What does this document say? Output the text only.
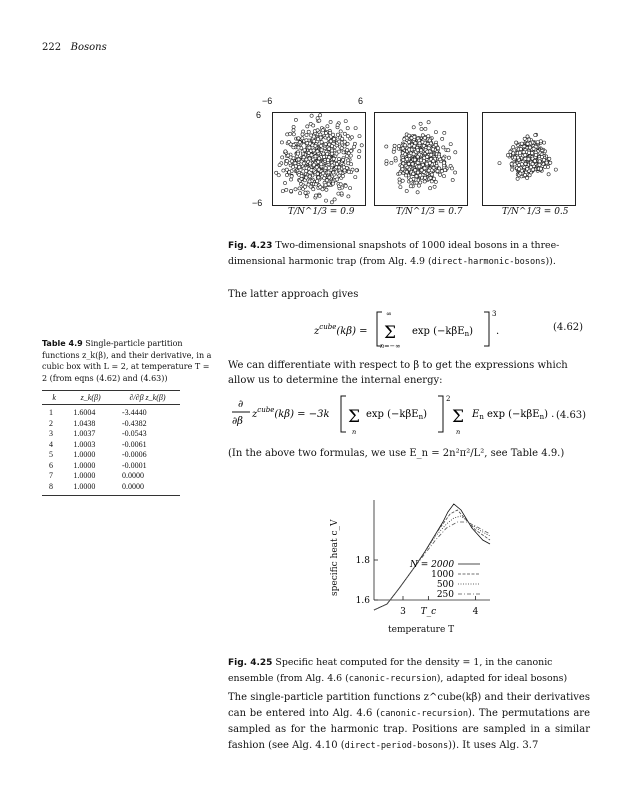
222 Bosons
−6	6
6
−6
T/N^1/3 = 0.9	T/N^1/3 = 0.7	T/N^1/3 = 0.5
Fig. 4.23 Two-dimensional snapshots of 1000 ideal bosons in a three-dimensional harmonic trap (from Alg. 4.9 (direct-harmonic-bosons)).
The latter approach gives
$z^{cube}(k\beta)$ =
∞
Σ
n=−∞
exp (−kβE$_n$)
3
.	(4.62)
We can differentiate with respect to β to get the expressions which allow us to determine the internal energy:
∂
∂β
$z^{cube}(k\beta) = -3k$ Σ
n
exp (−kβE$_n$)
2
Σ
n
$E_n$ exp (−kβE$_n$) . (4.63)
(In the above two formulas, we use E_n = 2n²π²/L², see Table 4.9.)
Table 4.9 Single-particle partition functions z_k(β), and their derivative, in a cubic box with L = 2, at temperature T = 2 (from eqns (4.62) and (4.63))
k	z_k(β)	∂/∂β z_k(β)
1	1.6004	-3.4440
2	1.0438	-0.4382
3	1.0037	-0.0543
4	1.0003	-0.0061
5	1.0000	-0.0006
6	1.0000	-0.0001
7	1.0000	0.0000
8	1.0000	0.0000
specific heat c_V
1.6
1.8
3 T_c	4
N = 2000
1000
500
250
temperature T
Fig. 4.25 Specific heat computed for the density = 1, in the canonic ensemble (from Alg. 4.6 (canonic-recursion), adapted for ideal bosons)
The single-particle partition functions z^cube(kβ) and their derivatives can be entered into Alg. 4.6 (canonic-recursion). The permutations are sampled as for the harmonic trap. Positions are sampled in a similar fashion (see Alg. 4.10 (direct-period-bosons)). It uses Alg. 3.7
